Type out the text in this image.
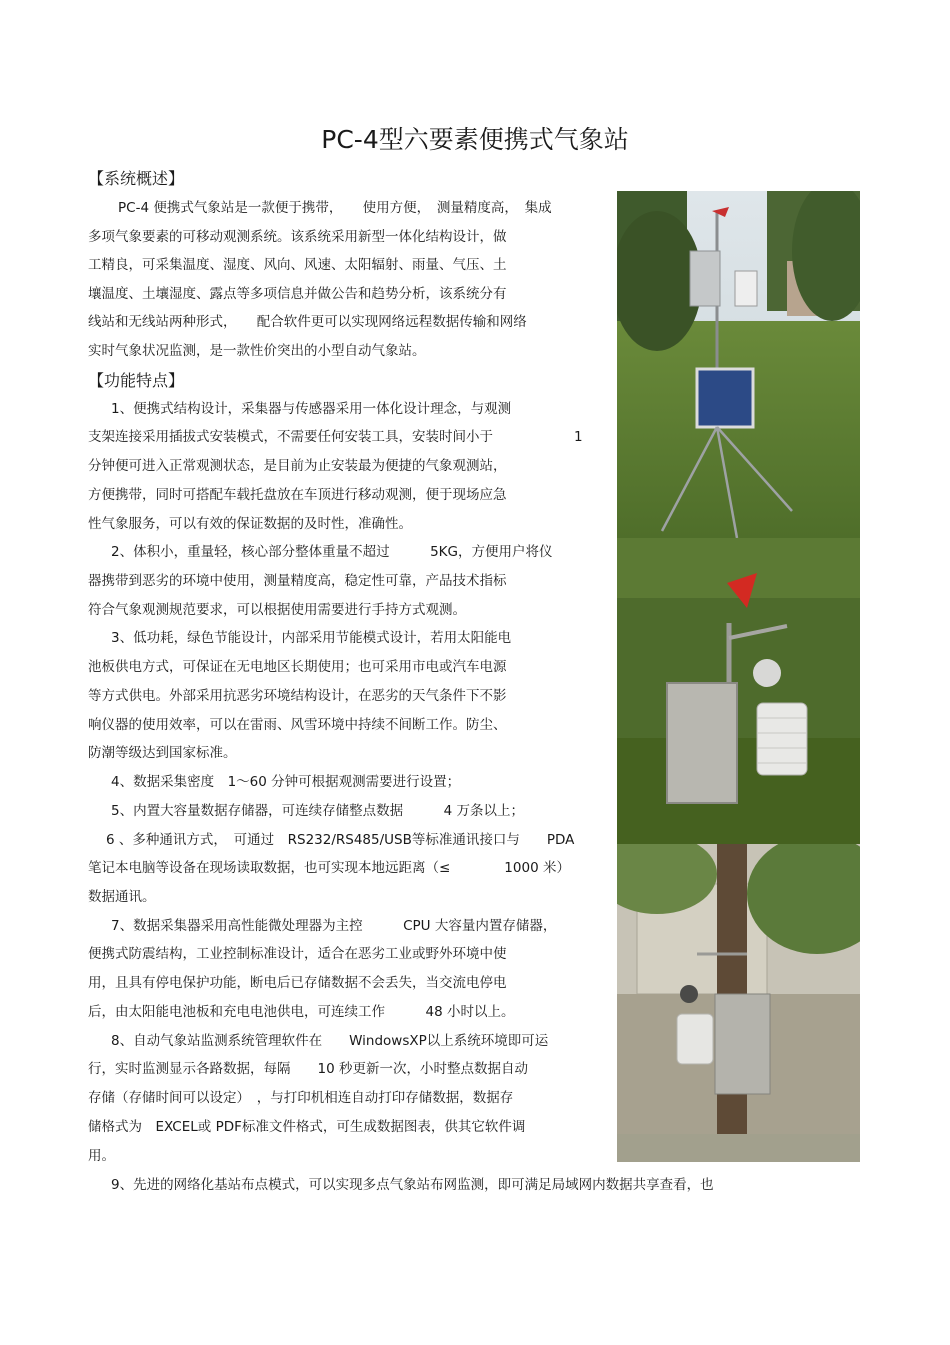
PC-4型六要素便携式气象站
【系统概述】
PC-4 便携式气象站是一款便于携带，　　使用方便，　测量精度高，　集成
多项气象要素的可移动观测系统。该系统采用新型一体化结构设计，做
工精良，可采集温度、湿度、风向、风速、太阳辐射、雨量、气压、土
壤温度、土壤湿度、露点等多项信息并做公告和趋势分析，该系统分有
线站和无线站两种形式，　　配合软件更可以实现网络远程数据传输和网络
实时气象状况监测，是一款性价突出的小型自动气象站。
【功能特点】
1、便携式结构设计，采集器与传感器采用一体化设计理念，与观测
支架连接采用插拔式安装模式，不需要任何安装工具，安装时间小于　　　　　　1
分钟便可进入正常观测状态，是目前为止安装最为便捷的气象观测站，
方便携带，同时可搭配车载托盘放在车顶进行移动观测，便于现场应急
性气象服务，可以有效的保证数据的及时性，准确性。
2、体积小，重量轻，核心部分整体重量不超过　　　5KG，方便用户将仪
器携带到恶劣的环境中使用，测量精度高，稳定性可靠，产品技术指标
符合气象观测规范要求，可以根据使用需要进行手持方式观测。
3、低功耗，绿色节能设计，内部采用节能模式设计，若用太阳能电
池板供电方式，可保证在无电地区长期使用；也可采用市电或汽车电源
等方式供电。外部采用抗恶劣环境结构设计，在恶劣的天气条件下不影
响仪器的使用效率，可以在雷雨、风雪环境中持续不间断工作。防尘、
防潮等级达到国家标准。
4、数据采集密度　1～60 分钟可根据观测需要进行设置；
5、内置大容量数据存储器，可连续存储整点数据　　　4 万条以上；
6 、多种通讯方式，　可通过　RS232/RS485/USB等标准通讯接口与　　PDA
笔记本电脑等设备在现场读取数据，也可实现本地远距离（≤　　　　1000 米）
数据通讯。
7、数据采集器采用高性能微处理器为主控　　　CPU 大容量内置存储器，
便携式防震结构，工业控制标准设计，适合在恶劣工业或野外环境中使
用，且具有停电保护功能，断电后已存储数据不会丢失，当交流电停电
后，由太阳能电池板和充电电池供电，可连续工作　　　48 小时以上。
8、自动气象站监测系统管理软件在　　WindowsXP以上系统环境即可运
行，实时监测显示各路数据，每隔　　10 秒更新一次，小时整点数据自动
存储（存储时间可以设定）　，与打印机相连自动打印存储数据，数据存
储格式为　EXCEL或 PDF标准文件格式，可生成数据图表，供其它软件调
用。
9、先进的网络化基站布点模式，可以实现多点气象站布网监测，即可满足局域网内数据共享查看，也
